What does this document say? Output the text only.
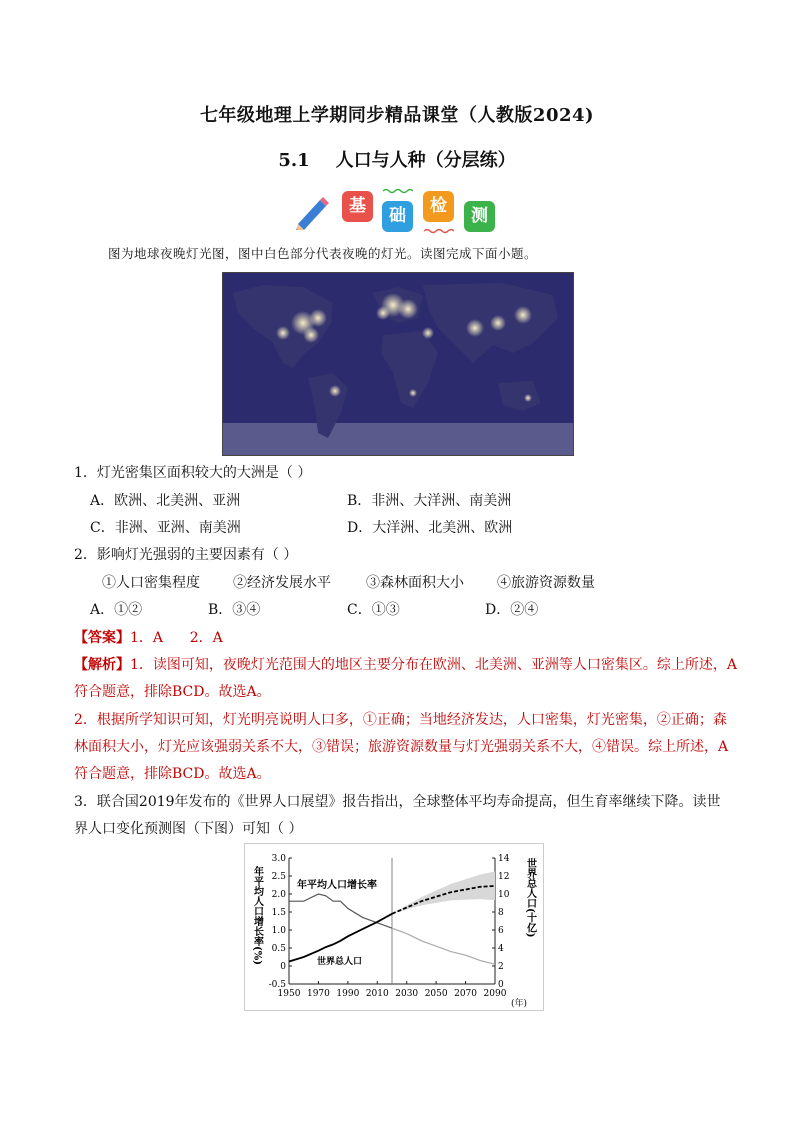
七年级地理上学期同步精品课堂（人教版2024)
5.1 人口与人种（分层练）
基	础	检	测
图为地球夜晚灯光图，图中白色部分代表夜晚的灯光。读图完成下面小题。
1．灯光密集区面积较大的大洲是（ ）
A．欧洲、北美洲、亚洲	B．非洲、大洋洲、南美洲
C．非洲、亚洲、南美洲	D．大洋洲、北美洲、欧洲
2．影响灯光强弱的主要因素有（ ）
①人口密集程度 ②经济发展水平	③森林面积大小 ④旅游资源数量
A．①②	B．③④	C．①③	D．②④
【答案】1．A      2．A
【解析】1．读图可知，夜晚灯光范围大的地区主要分布在欧洲、北美洲、亚洲等人口密集区。综上所述，A
符合题意，排除BCD。故选A。
2．根据所学知识可知，灯光明亮说明人口多，①正确；当地经济发达，人口密集，灯光密集，②正确；森
林面积大小，灯光应该强弱关系不大，③错误；旅游资源数量与灯光强弱关系不大，④错误。综上所述，A
符合题意，排除BCD。故选A。
3．联合国2019年发布的《世界人口展望》报告指出，全球整体平均寿命提高，但生育率继续下降。读世
界人口变化预测图（下图）可知（ ）
3.0
2.5
2.0
1.5
1.0
0.5
0
-0.5
14
12
10
8
6
4
2
0
1950 1970 1990 2010 2030 2050 2070 2090
年平均人口增长率(%)	世界总人口(十亿)
年平均人口增长率
世界总人口
(年)
